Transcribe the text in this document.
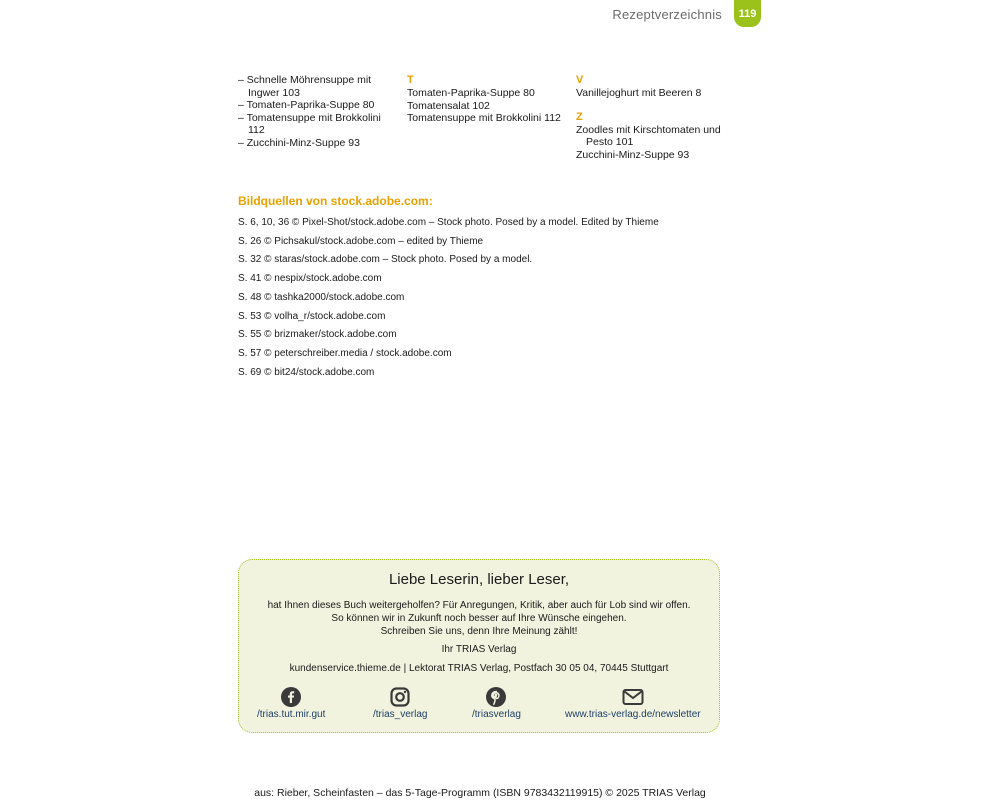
Rezeptverzeichnis	119
– Schnelle Möhrensuppe mit Ingwer 103
– Tomaten-Paprika-Suppe 80
– Tomatensuppe mit Brokkolini 112
– Zucchini-Minz-Suppe 93
T
Tomaten-Paprika-Suppe 80
Tomatensalat 102
Tomatensuppe mit Brokkolini 112
V
Vanillejoghurt mit Beeren 8
Z
Zoodles mit Kirschtomaten und Pesto 101
Zucchini-Minz-Suppe 93
Bildquellen von stock.adobe.com:
S. 6, 10, 36 © Pixel-Shot/stock.adobe.com – Stock photo. Posed by a model. Edited by Thieme
S. 26 © Pichsakul/stock.adobe.com – edited by Thieme
S. 32 © staras/stock.adobe.com – Stock photo. Posed by a model.
S. 41 © nespix/stock.adobe.com
S. 48 © tashka2000/stock.adobe.com
S. 53 © volha_r/stock.adobe.com
S. 55 © brizmaker/stock.adobe.com
S. 57 © peterschreiber.media / stock.adobe.com
S. 69 © bit24/stock.adobe.com
Liebe Leserin, lieber Leser,
hat Ihnen dieses Buch weitergeholfen? Für Anregungen, Kritik, aber auch für Lob sind wir offen.
So können wir in Zukunft noch besser auf Ihre Wünsche eingehen.
Schreiben Sie uns, denn Ihre Meinung zählt!
Ihr TRIAS Verlag
kundenservice.thieme.de | Lektorat TRIAS Verlag, Postfach 30 05 04, 70445 Stuttgart
/trias.tut.mir.gut	/trias_verlag	/triasverlag	www.trias-verlag.de/newsletter
aus: Rieber, Scheinfasten – das 5-Tage-Programm (ISBN 9783432119915) © 2025 TRIAS Verlag
